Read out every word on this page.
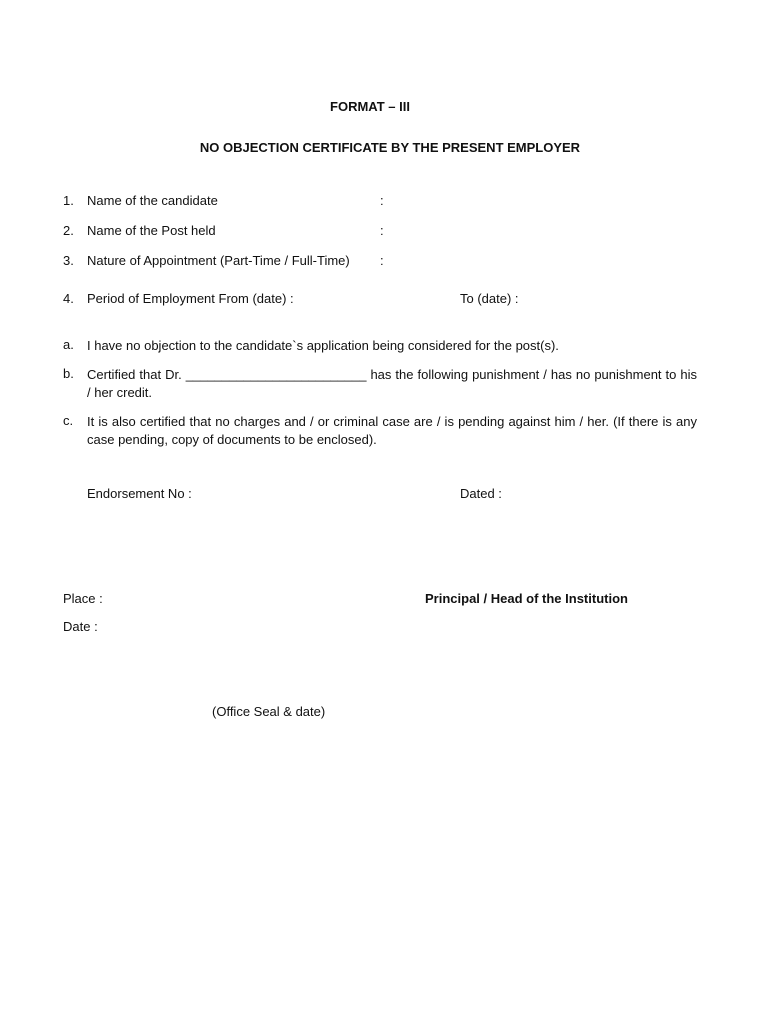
FORMAT – III
NO OBJECTION CERTIFICATE BY THE PRESENT EMPLOYER
1. Name of the candidate	:
2. Name of the Post held	:
3. Nature of Appointment (Part-Time / Full-Time) :
4. Period of Employment From (date) :	To (date) :
a. I have no objection to the candidate`s application being considered for the post(s).
b. Certified that Dr. _________________________ has the following punishment / has no punishment to his / her credit.
c. It is also certified that no charges and / or criminal case are / is pending against him / her. (If there is any case pending, copy of documents to be enclosed).
Endorsement No :	Dated :
Place :	Principal / Head of the Institution
Date :
(Office Seal & date)
